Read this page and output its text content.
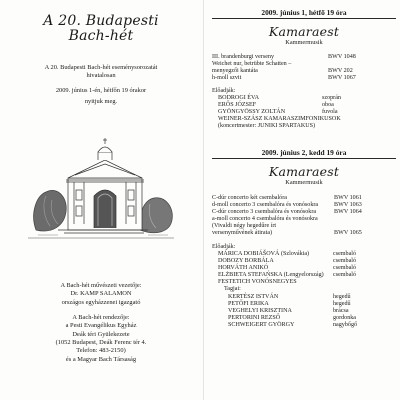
A 20. Budapesti
Bach-hét

A 20. Budapesti Bach-hét eseménysorozatát

hivatalosan

2009. június 1-én, hétfőn 19 órakor

nyitjuk meg.

A Bach-hét művészeti vezetője:

Dr. KAMP SALAMON

országos egyházzenei igazgató

A Bach-hét rendezője:

a Pesti Evangélikus Egyház

Deák téri Gyülekezete

(1052 Budapest, Deák Ferenc tér 4.

Telefon: 483-2150)

és a Magyar Bach Társaság

2009. június 1, hétfő 19 óra
Kamaraest
Kammermusik
III. brandenburgi verseny	BWV 1048
Weichet nur, betrübte Schatten –
menyegzői kantáta	BWV 202
h-moll szvit	BWV 1067
Előadják:
BODROGI ÉVA	szoprán
ERŐS JÓZSEF	oboa
GYÖNGYÖSSY ZOLTÁN	fuvola
WEINER-SZÁSZ KAMARASZIMFONIKUSOK
(koncertmester: JUNIKI SPARTAKUS)
2009. június 2, kedd 19 óra
Kamaraest
Kammermusik
C-dúr concerto két csembalóra	BWV 1061
d-moll concerto 3 csembalóra és vonósokra	BWV 1063
C-dúr concerto 3 csembalóra és vonósokra	BWV 1064
a-moll concerto 4 csembalóra és vonósokra
(Vivaldi négy hegedűre írt
versenyművének átirata)	BWV 1065
Előadják:
MÁRICA DOBIÁŠOVÁ (Szlovákia)	csembaló
DOBOZY BORBÁLA	csembaló
HORVÁTH ANIKÓ	csembaló
ELŻBIETA STEFAŃSKA (Lengyelország) csembaló
FESTETICH VONÓSNEGYES
Tagjai:
KERTÉSZ ISTVÁN	hegedű
PETŐFI ERIKA	hegedű
VEGHELYI KRISZTINA	brácsa
PERTORINI REZSŐ	gordonka
SCHWEIGERT GYÖRGY	nagybőgő
